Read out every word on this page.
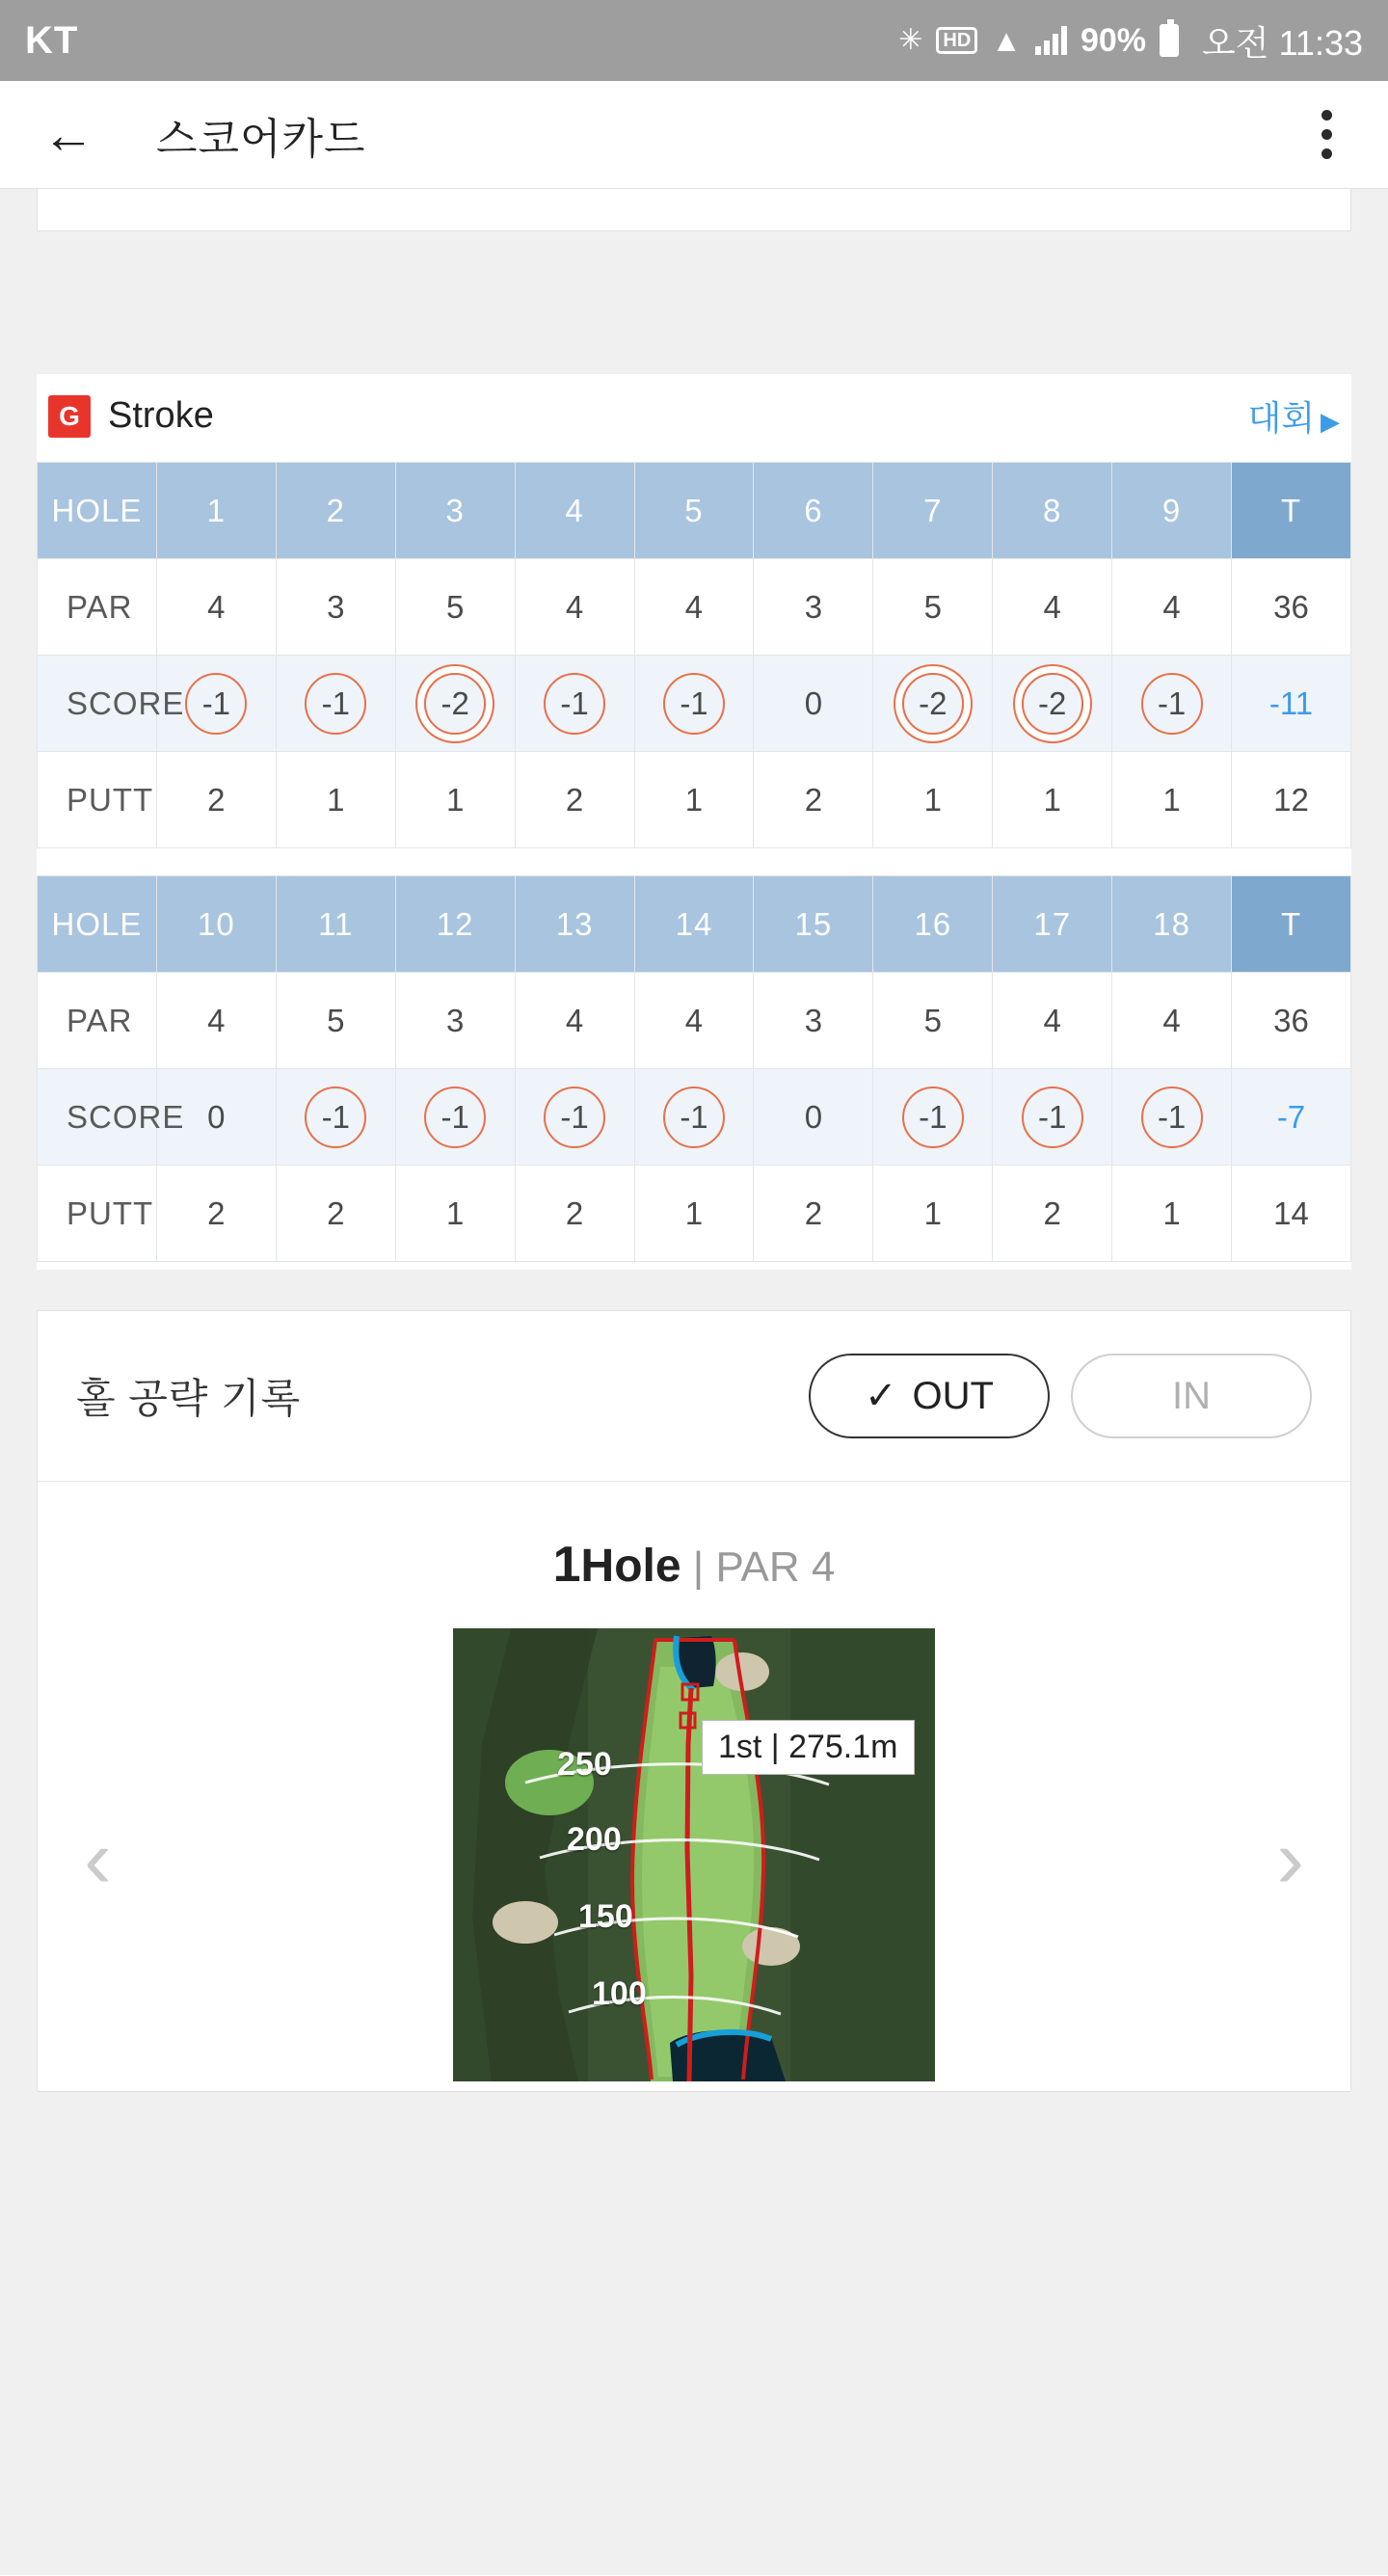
KT	✳	HD ▲ 90% 오전 11:33
←	스코어카드
G Stroke	대회 ▶
HOLE	1	2	3	4	5	6	7	8	9	T
PAR	4	3	5	4	4	3	5	4	4	36
SCORE	-1	-1	-2	-1	-1	0	-2	-2	-1	-11
PUTT	2	1	1	2	1	2	1	1	1	12
HOLE	10	11	12	13	14	15	16	17	18	T
PAR	4	5	3	4	4	3	5	4	4	36
SCORE	0	-1	-1	-1	-1	0	-1	-1	-1	-7
PUTT	2	2	1	2	1	2	1	2	1	14
홀 공략 기록	✓ OUT	IN
1Hole | PAR 4
‹	›
250
200
150
100
1st | 275.1m
